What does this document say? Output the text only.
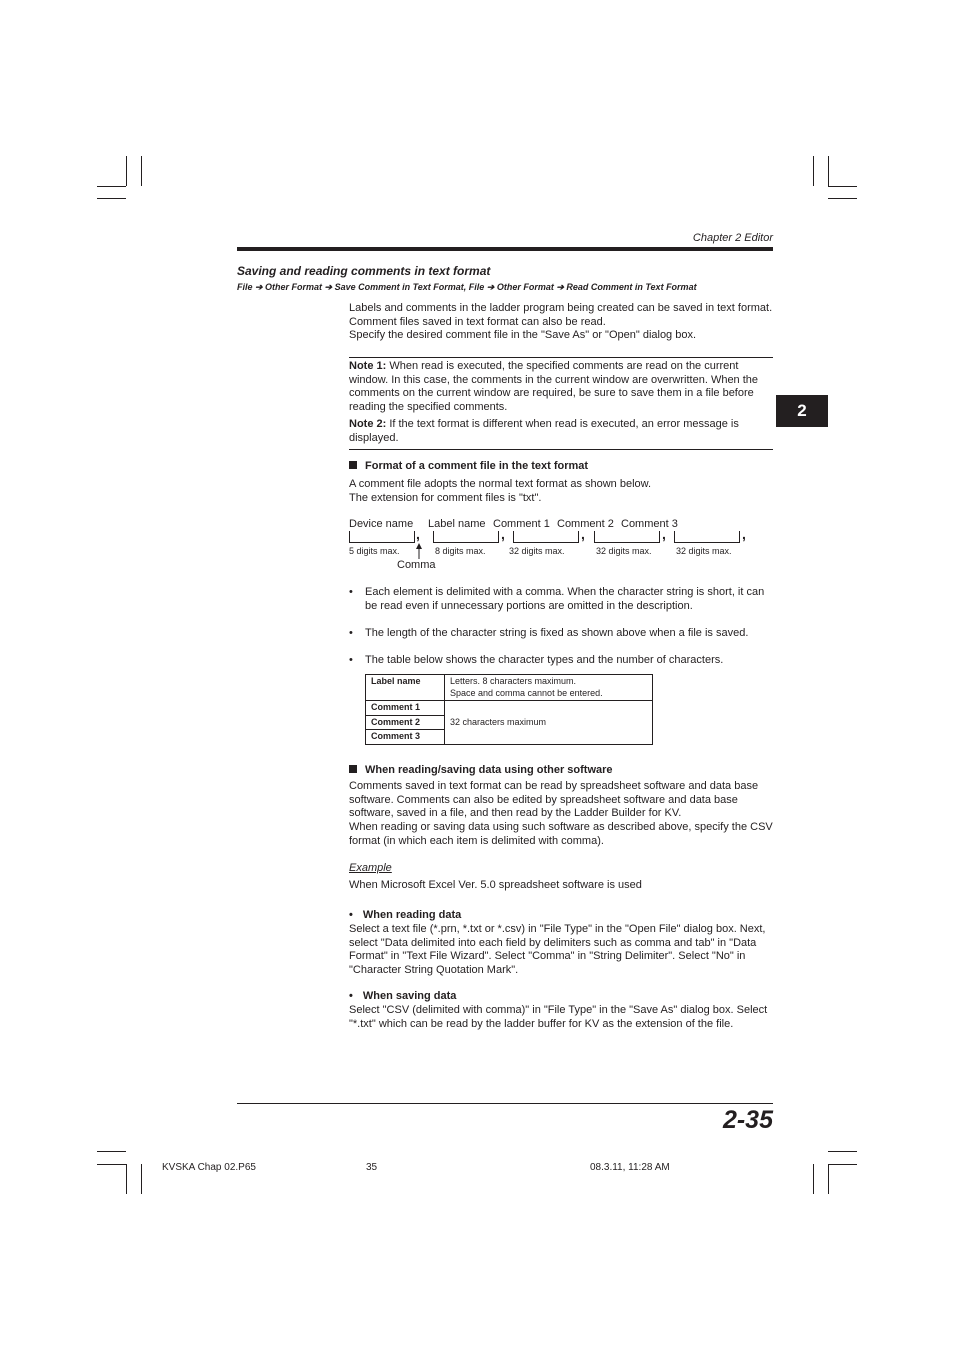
Chapter 2 Editor
2
Saving and reading comments in text format
File ➔ Other Format ➔ Save Comment in Text Format, File ➔ Other Format ➔ Read Comment in Text Format

Labels and comments in the ladder program being created can be saved in text format. Comment files saved in text format can also be read.

Specify the desired comment file in the "Save As" or "Open" dialog box.

Note 1: When read is executed, the specified comments are read on the current window. In this case, the comments in the current window are overwritten. When the comments on the current window are required, be sure to save them in a file before reading the specified comments.

Note 2: If the text format is different when read is executed, an error message is displayed.

Format of a comment file in the text format

A comment file adopts the normal text format as shown below.

The extension for comment files is "txt".

Device name Label name Comment 1 Comment 2 Comment 3
,	,	,	,	,
5 digits max.	8 digits max.	32 digits max.	32 digits max.	32 digits max.
Comma
• Each element is delimited with a comma. When the character string is short, it can be read even if unnecessary portions are omitted in the description.
• The length of the character string is fixed as shown above when a file is saved.
• The table below shows the character types and the number of characters.
Label name	Letters. 8 characters maximum.
Space and comma cannot be entered.

Comment 1	32 characters maximum
Comment 2	
Comment 3	
When reading/saving data using other software

Comments saved in text format can be read by spreadsheet software and data base software. Comments can also be edited by spreadsheet software and data base software, saved in a file, and then read by the Ladder Builder for KV.

When reading or saving data using such software as described above, specify the CSV format (in which each item is delimited with comma).

Example
When Microsoft Excel Ver. 5.0 spreadsheet software is used
• When reading data
Select a text file (*.prn, *.txt or *.csv) in "File Type" in the "Open File" dialog box. Next, select "Data delimited into each field by delimiters such as comma and tab" in "Data Format" in "Text File Wizard". Select "Comma" in "String Delimiter". Select "No" in "Character String Quotation Mark".
• When saving data
Select "CSV (delimited with comma)" in "File Type" in the "Save As" dialog box. Select "*.txt" which can be read by the ladder buffer for KV as the extension of the file.
2-35
KVSKA Chap 02.P65	35	08.3.11, 11:28 AM
